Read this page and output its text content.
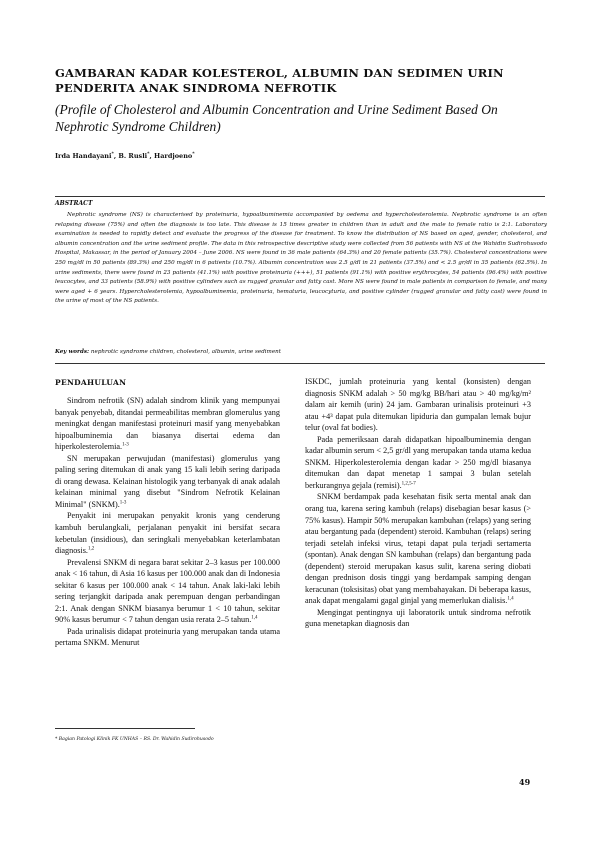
GAMBARAN KADAR KOLESTEROL, ALBUMIN DAN SEDIMEN URIN PENDERITA ANAK SINDROMA NEFROTIK
(Profile of Cholesterol and Albumin Concentration and Urine Sediment Based On Nephrotic Syndrome Children)
Irda Handayani*, B. Rusli*, Hardjoeno*
ABSTRACT
Nephrotic syndrome (NS) is characterised by proteinuria, hypoalbuminemia accompanied by oedema and hypercholesterolemia. Nephrotic syndrome is an often relapsing disease (75%) and often the diagnosis is too late. This disease is 15 times greater in children than in adult and the male to female ratio is 2:1. Laboratory examination is needed to rapidly detect and evaluate the progress of the disease for treatment. To know the distribution of NS based on aged, gender, cholesterol, and albumin concentration and the urine sediment profile. The data in this retrospective descriptive study were collected from 56 patients with NS at the Wahidin Sudirohusodo Hospital, Makassar, in the period of January 2004 – June 2006. NS were found in 36 male patients (64.3%) and 20 female patients (35.7%). Cholesterol concentrations were 250 mg/dl in 50 patients (89.3%) and 250 mg/dl in 6 patients (10.7%). Albumin concentration was 2.5 g/dl in 21 patients (37.5%) and < 2.5 gr/dl in 35 patients (62.5%). In urine sediments, there were found in 23 patients (41.1%) with positive proteinuria (+++), 51 patients (91.1%) with positive erythrocytes, 54 patients (96.4%) with positive leucocytes, and 33 patients (58.9%) with positive cylinders such as rugged granular and fatty cast. More NS were found in male patients in comparison to female, and many were aged + 6 years. Hypercholesterolemia, hypoalbuminemia, proteinuria, hematuria, leucocyturia, and positive cylinder (rugged granular and fatty cast) were found in the urine of most of the NS patients.
Key words: nephrotic syndrome children, cholesterol, albumin, urine sediment
PENDAHULUAN

Sindrom nefrotik (SN) adalah sindrom klinik yang mempunyai banyak penyebab, ditandai permeabilitas membran glomerulus yang meningkat dengan manifestasi proteinuri masif yang menyebabkan hipoalbuminemia dan biasanya disertai edema dan hiperkolesterolemia.$^{1-3}$

SN merupakan perwujudan (manifestasi) glomerulus yang paling sering ditemukan di anak yang 15 kali lebih sering daripada di orang dewasa. Kelainan histologik yang terbanyak di anak adalah kelainan minimal yang disebut "Sindrom Nefrotik Kelainan Minimal" (SNKM).$^{1-3}$

Penyakit ini merupakan penyakit kronis yang cenderung kambuh berulangkali, perjalanan penyakit ini bersifat secara kebetulan (insidious), dan seringkali menyebabkan keterlambatan diagnosis.$^{1,2}$

Prevalensi SNKM di negara barat sekitar 2–3 kasus per 100.000 anak < 16 tahun, di Asia 16 kasus per 100.000 anak dan di Indonesia sekitar 6 kasus per 100.000 anak < 14 tahun. Anak laki-laki lebih sering terjangkit daripada anak perempuan dengan perbandingan 2:1. Anak dengan SNKM biasanya berumur 1 < 10 tahun, sekitar 90% kasus berumur < 7 tahun dengan usia rerata 2–5 tahun.$^{1,4}$

Pada urinalisis didapat proteinuria yang merupakan tanda utama pertama SNKM. Menurut

ISKDC, jumlah proteinuria yang kental (konsisten) dengan diagnosis SNKM adalah > 50 mg/kg BB/hari atau > 40 mg/kg/m² dalam air kemih (urin) 24 jam. Gambaran urinalisis proteinuri +3 atau +4³ dapat pula ditemukan lipiduria dan gumpalan lemak bujur telur (oval fat bodies).

Pada pemeriksaan darah didapatkan hipoalbuminemia dengan kadar albumin serum < 2,5 gr/dl yang merupakan tanda utama kedua SNKM. Hiperkolesterolemia dengan kadar > 250 mg/dl biasanya ditemukan dan dapat menetap 1 sampai 3 bulan setelah berkurangnya gejala (remisi).$^{1,2,5-7}$

SNKM berdampak pada kesehatan fisik serta mental anak dan orang tua, karena sering kambuh (relaps) disebagian besar kasus (> 75% kasus). Hampir 50% merupakan kambuhan (relaps) yang sering atau bergantung pada (dependent) steroid. Kambuhan (relaps) sering terjadi setelah infeksi virus, tetapi dapat pula terjadi sertamerta (spontan). Anak dengan SN kambuhan (relaps) dan bergantung pada (dependent) steroid merupakan kasus sulit, karena sering diobati dengan prednison dosis tinggi yang berdampak samping dengan keracunan (toksisitas) obat yang membahayakan. Di beberapa kasus, anak dapat mengalami gagal ginjal yang memerlukan dialisis.$^{1,4}$

Mengingat pentingnya uji laboratorik untuk sindroma nefrotik guna menetapkan diagnosis dan

* Bagian Patologi Klinik FK UNHAS – RS. Dr. Wahidin Sudirohusodo
49
